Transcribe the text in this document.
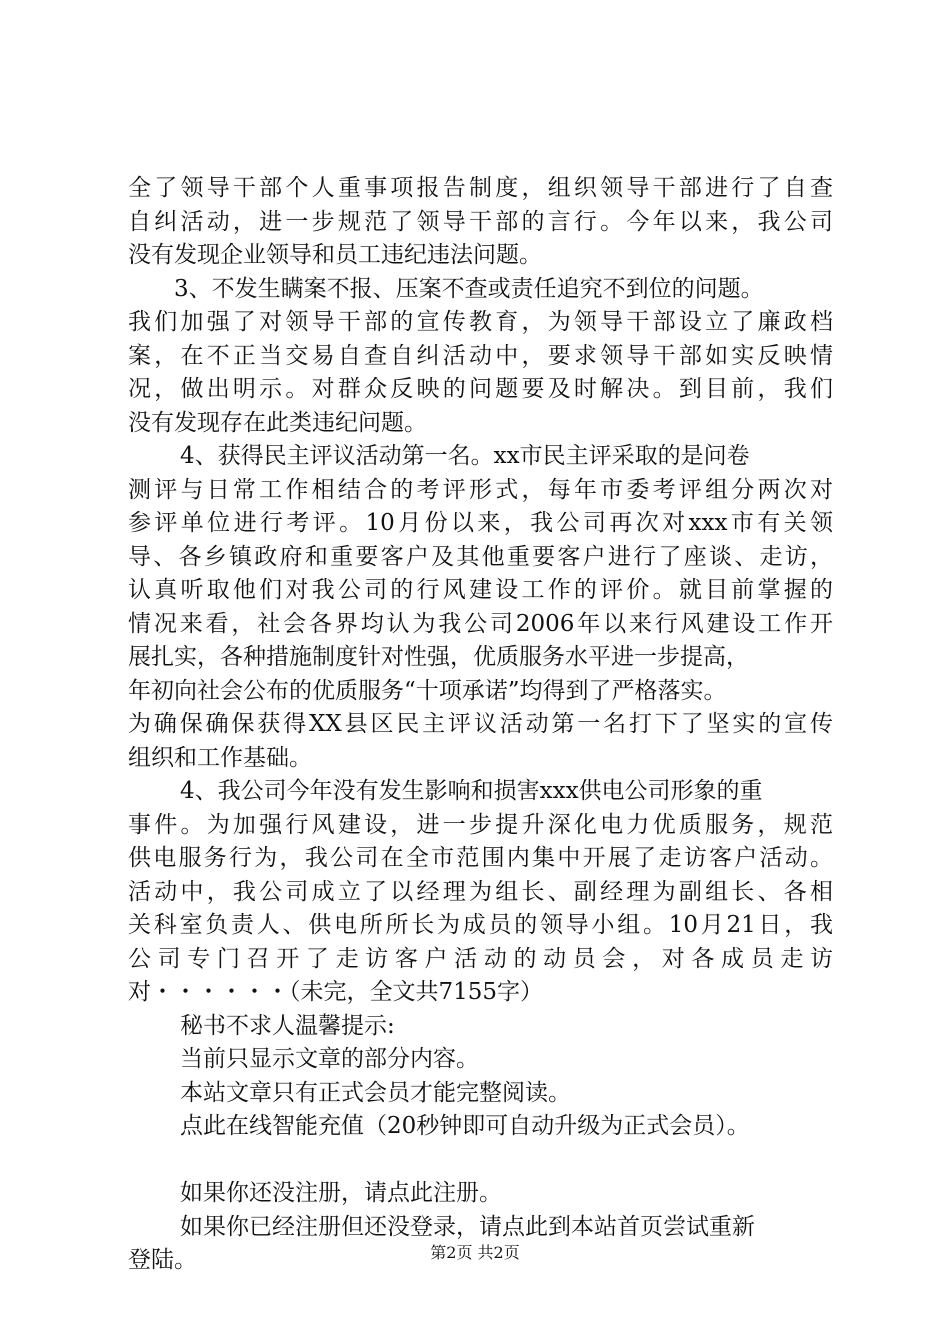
全了领导干部个人重事项报告制度，组织领导干部进行了自查
自纠活动，进一步规范了领导干部的言行。今年以来，我公司
没有发现企业领导和员工违纪违法问题。
3、不发生瞒案不报、压案不查或责任追究不到位的问题。
我们加强了对领导干部的宣传教育，为领导干部设立了廉政档
案，在不正当交易自查自纠活动中，要求领导干部如实反映情
况，做出明示。对群众反映的问题要及时解决。到目前，我们
没有发现存在此类违纪问题。
4、获得民主评议活动第一名。xx市民主评采取的是问卷
测评与日常工作相结合的考评形式，每年市委考评组分两次对
参评单位进行考评。10月份以来，我公司再次对xxx市有关领
导、各乡镇政府和重要客户及其他重要客户进行了座谈、走访，
认真听取他们对我公司的行风建设工作的评价。就目前掌握的
情况来看，社会各界均认为我公司2006年以来行风建设工作开
展扎实，各种措施制度针对性强，优质服务水平进一步提高，
年初向社会公布的优质服务“十项承诺”均得到了严格落实。
为确保确保获得XX县区民主评议活动第一名打下了坚实的宣传
组织和工作基础。
4、我公司今年没有发生影响和损害xxx供电公司形象的重
事件。为加强行风建设，进一步提升深化电力优质服务，规范
供电服务行为，我公司在全市范围内集中开展了走访客户活动。
活动中，我公司成立了以经理为组长、副经理为副组长、各相
关科室负责人、供电所所长为成员的领导小组。10月21日，我
公司专门召开了走访客户活动的动员会，对各成员走访
对・・・・・・（未完，全文共7155字）
秘书不求人温馨提示:
当前只显示文章的部分内容。
本站文章只有正式会员才能完整阅读。
点此在线智能充值（20秒钟即可自动升级为正式会员）。
如果你还没注册，请点此注册。
如果你已经注册但还没登录，请点此到本站首页尝试重新
登陆。	第2页 共2页
